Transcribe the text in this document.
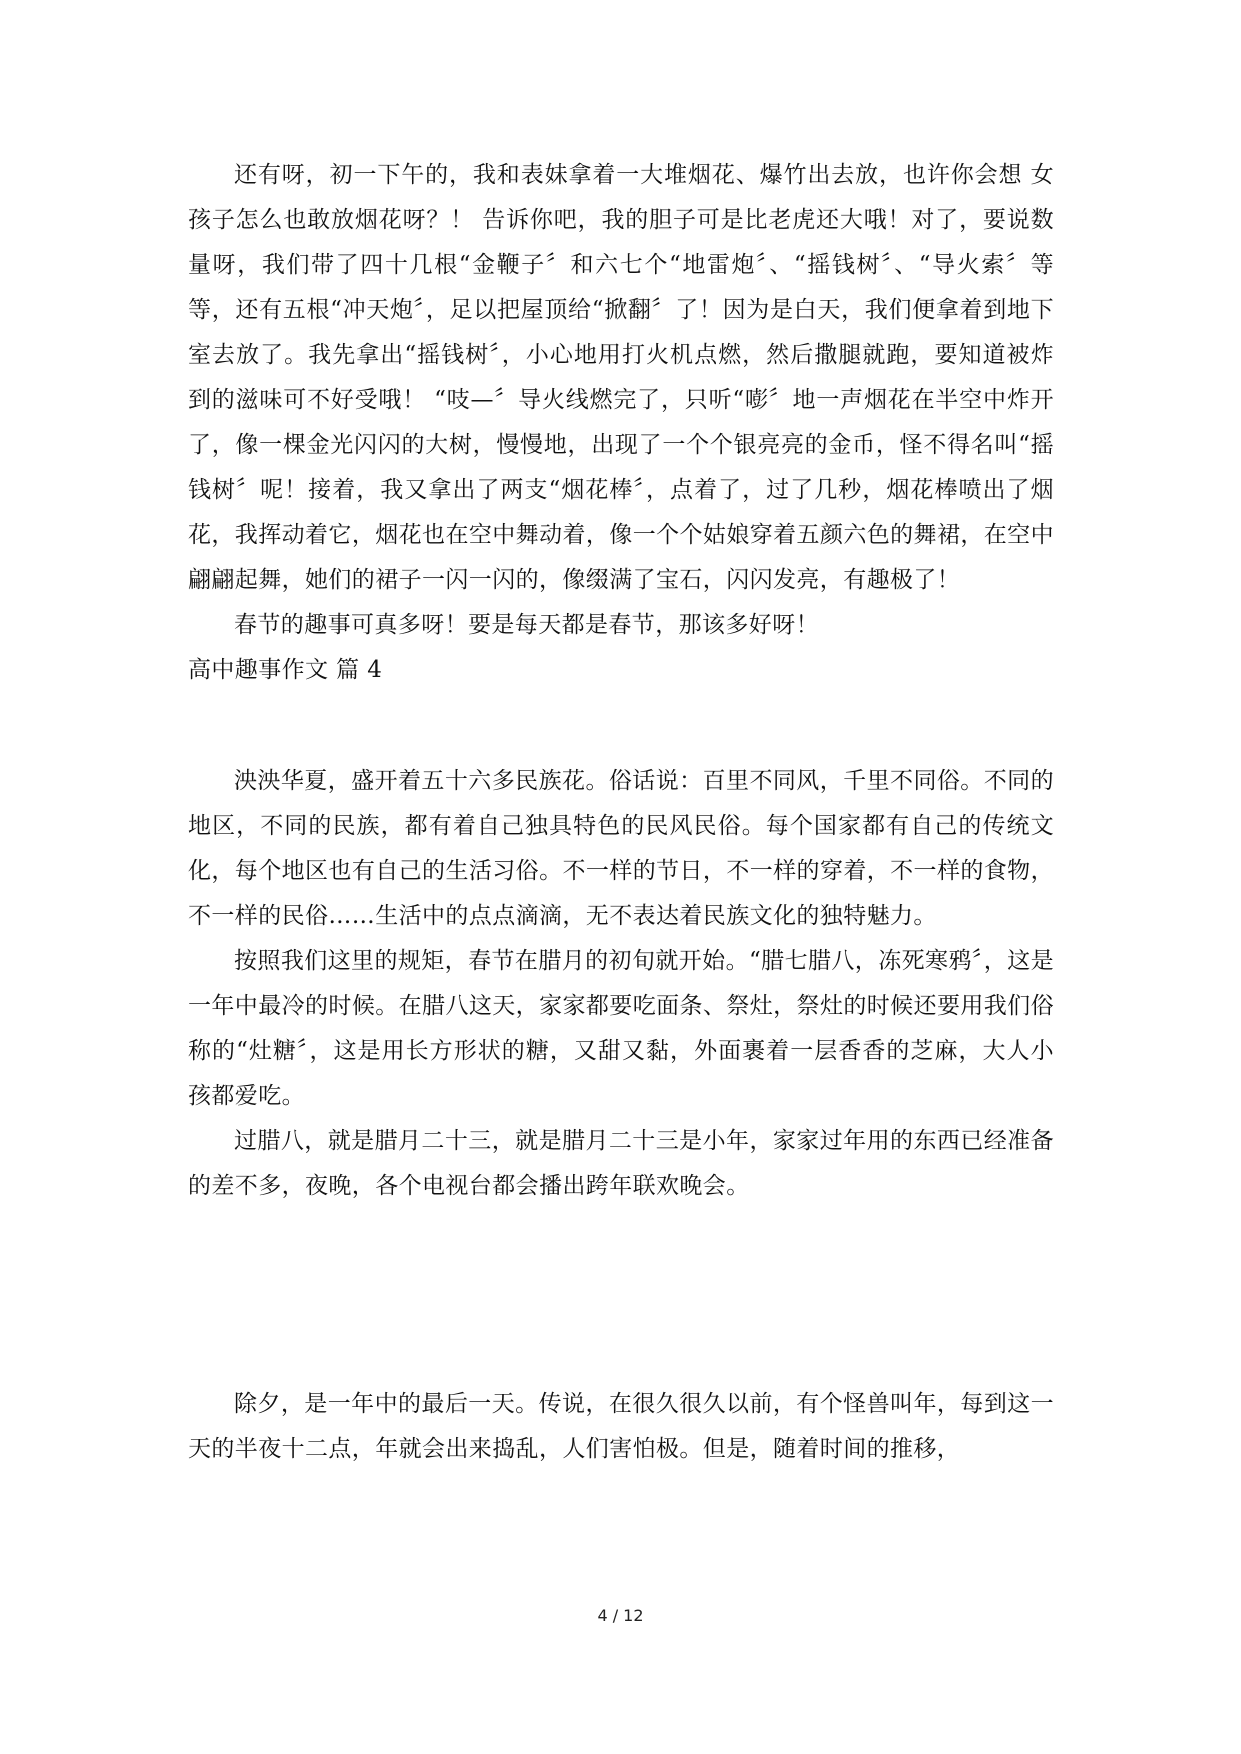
还有呀，初一下午的，我和表妹拿着一大堆烟花、爆竹出去放，也许你会想 女孩子怎么也敢放烟花呀？！ 告诉你吧，我的胆子可是比老虎还大哦！对了，要说数量呀，我们带了四十几根“金鞭子〞和六七个“地雷炮〞、“摇钱树〞、“导火索〞等等，还有五根“冲天炮〞，足以把屋顶给“掀翻〞了！因为是白天，我们便拿着到地下室去放了。我先拿出“摇钱树〞，小心地用打火机点燃，然后撒腿就跑，要知道被炸到的滋味可不好受哦！ “吱—〞导火线燃完了，只听“嘭〞地一声烟花在半空中炸开了，像一棵金光闪闪的大树，慢慢地，出现了一个个银亮亮的金币，怪不得名叫“摇钱树〞呢！接着，我又拿出了两支“烟花棒〞，点着了，过了几秒，烟花棒喷出了烟花，我挥动着它，烟花也在空中舞动着，像一个个姑娘穿着五颜六色的舞裙，在空中翩翩起舞，她们的裙子一闪一闪的，像缀满了宝石，闪闪发亮，有趣极了！

春节的趣事可真多呀！要是每天都是春节，那该多好呀！

高中趣事作文 篇 4

泱泱华夏，盛开着五十六多民族花。俗话说：百里不同风，千里不同俗。不同的地区，不同的民族，都有着自己独具特色的民风民俗。每个国家都有自己的传统文化，每个地区也有自己的生活习俗。不一样的节日，不一样的穿着，不一样的食物，不一样的民俗……生活中的点点滴滴，无不表达着民族文化的独特魅力。

按照我们这里的规矩，春节在腊月的初旬就开始。“腊七腊八，冻死寒鸦〞，这是一年中最冷的时候。在腊八这天，家家都要吃面条、祭灶，祭灶的时候还要用我们俗称的“灶糖〞，这是用长方形状的糖，又甜又黏，外面裹着一层香香的芝麻，大人小孩都爱吃。

过腊八，就是腊月二十三，就是腊月二十三是小年，家家过年用的东西已经准备的差不多，夜晚，各个电视台都会播出跨年联欢晚会。

除夕，是一年中的最后一天。传说，在很久很久以前，有个怪兽叫年，每到这一天的半夜十二点，年就会出来捣乱，人们害怕极。但是，随着时间的推移，

4 / 12
